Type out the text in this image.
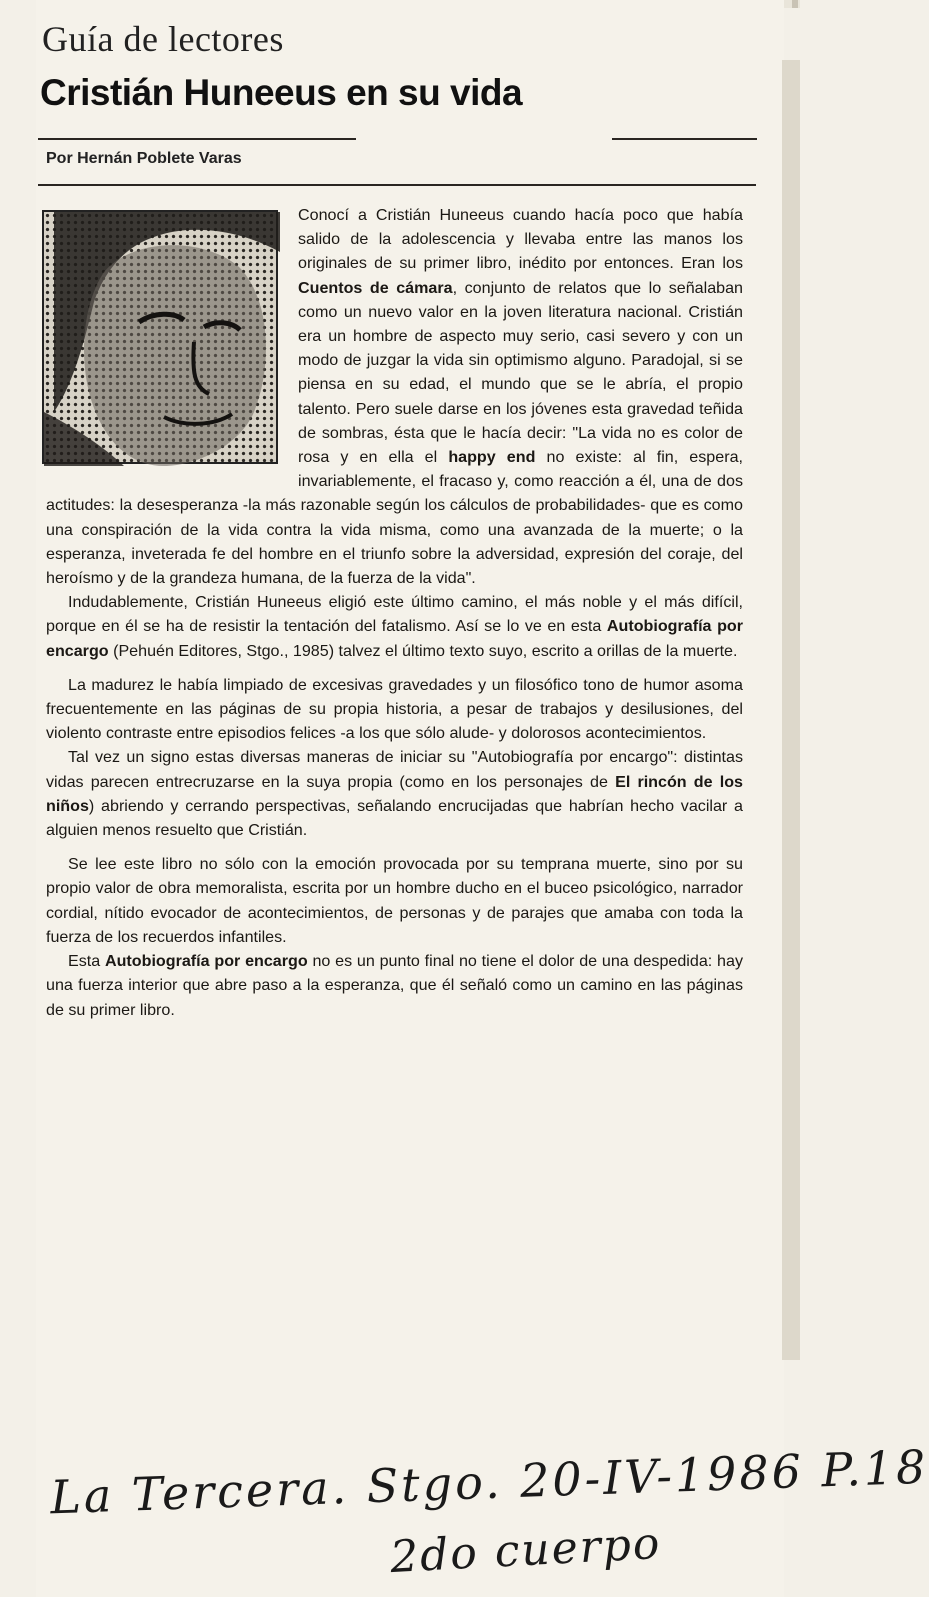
Guía de lectores
Cristián Huneeus en su vida
Por Hernán Poblete Varas

Conocí a Cristián Huneeus cuando hacía poco que había salido de la adolescencia y llevaba entre las manos los originales de su primer libro, inédito por entonces. Eran los Cuentos de cámara, conjunto de relatos que lo señalaban como un nuevo valor en la joven literatura nacional. Cristián era un hombre de aspecto muy serio, casi severo y con un modo de juzgar la vida sin optimismo alguno. Paradojal, si se piensa en su edad, el mundo que se le abría, el propio talento. Pero suele darse en los jóvenes esta gravedad teñida de sombras, ésta que le hacía decir: "La vida no es color de rosa y en ella el happy end no existe: al fin, espera, invariablemente, el fracaso y, como reacción a él, una de dos actitudes: la desesperanza -la más razonable según los cálculos de probabilidades- que es como una conspiración de la vida contra la vida misma, como una avanzada de la muerte; o la esperanza, inveterada fe del hombre en el triunfo sobre la adversidad, expresión del coraje, del heroísmo y de la grandeza humana, de la fuerza de la vida".

Indudablemente, Cristián Huneeus eligió este último camino, el más noble y el más difícil, porque en él se ha de resistir la tentación del fatalismo. Así se lo ve en esta Autobiografía por encargo (Pehuén Editores, Stgo., 1985) talvez el último texto suyo, escrito a orillas de la muerte.

La madurez le había limpiado de excesivas gravedades y un filosófico tono de humor asoma frecuentemente en las páginas de su propia historia, a pesar de trabajos y desilusiones, del violento contraste entre episodios felices -a los que sólo alude- y dolorosos acontecimientos.

Tal vez un signo estas diversas maneras de iniciar su "Autobiografía por encargo": distintas vidas parecen entrecruzarse en la suya propia (como en los personajes de El rincón de los niños) abriendo y cerrando perspectivas, señalando encrucijadas que habrían hecho vacilar a alguien menos resuelto que Cristián.

Se lee este libro no sólo con la emoción provocada por su temprana muerte, sino por su propio valor de obra memoralista, escrita por un hombre ducho en el buceo psicológico, narrador cordial, nítido evocador de acontecimientos, de personas y de parajes que amaba con toda la fuerza de los recuerdos infantiles.

Esta Autobiografía por encargo no es un punto final no tiene el dolor de una despedida: hay una fuerza interior que abre paso a la esperanza, que él señaló como un camino en las páginas de su primer libro.

La Tercera. Stgo. 20-IV-1986 P.18
2do cuerpo
